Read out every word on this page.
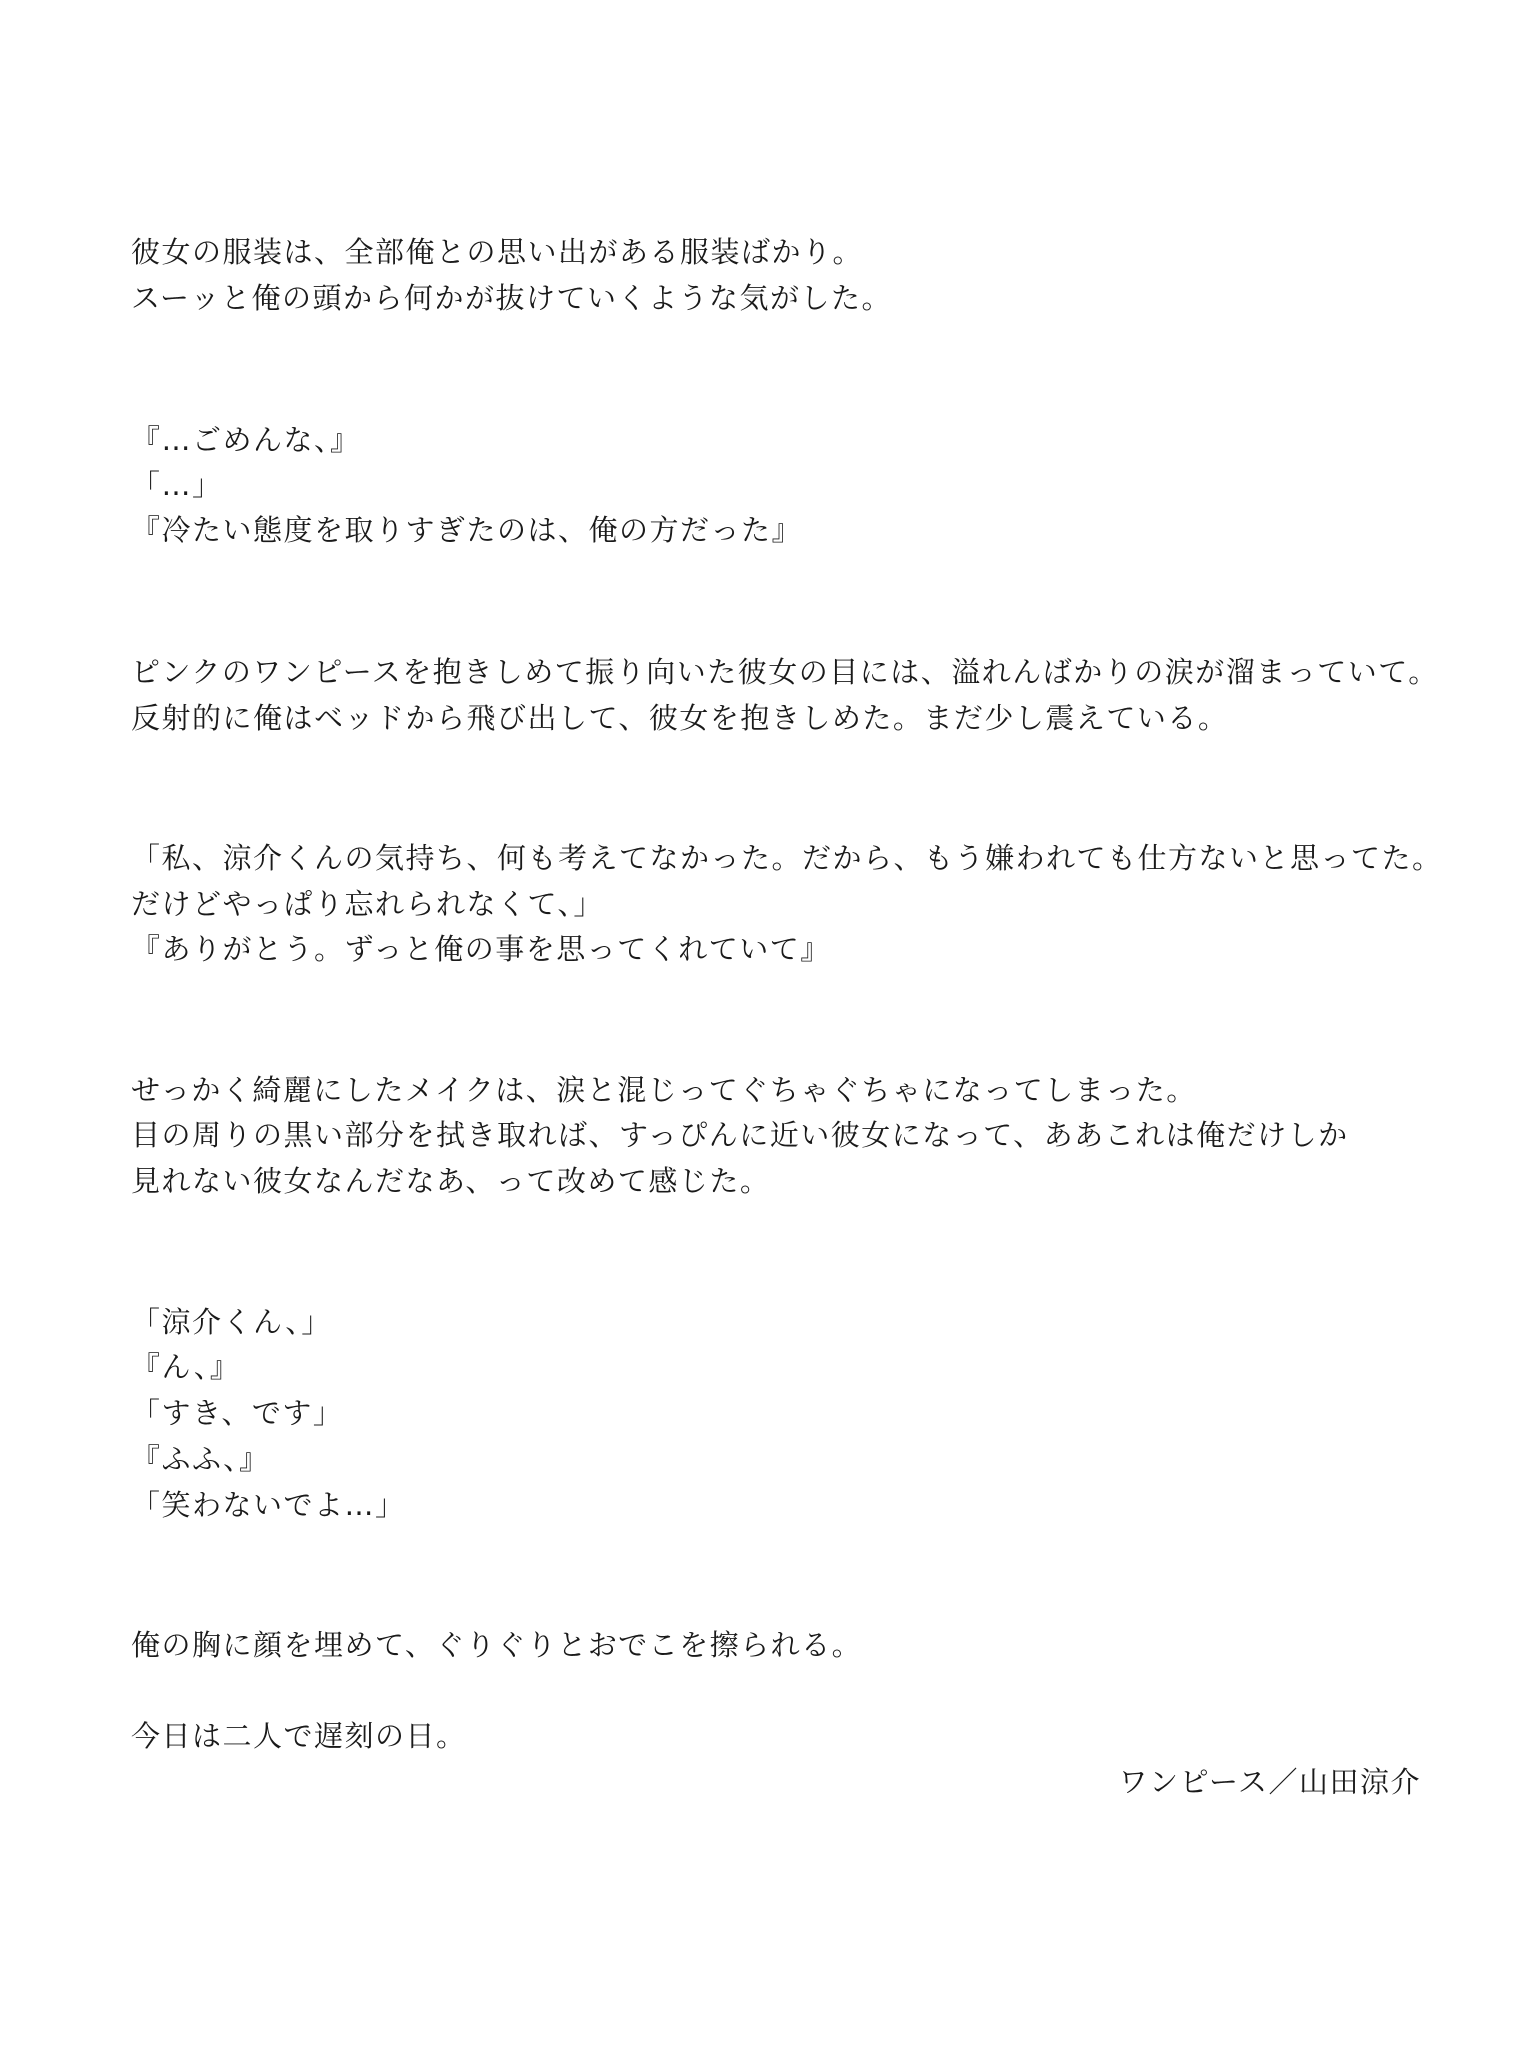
彼女の服装は、全部俺との思い出がある服装ばかり。
スーッと俺の頭から何かが抜けていくような気がした。
『…ごめんな、』
「…」
『冷たい態度を取りすぎたのは、俺の方だった』
ピンクのワンピースを抱きしめて振り向いた彼女の目には、溢れんばかりの涙が溜まっていて。
反射的に俺はベッドから飛び出して、彼女を抱きしめた。まだ少し震えている。
「私、涼介くんの気持ち、何も考えてなかった。だから、もう嫌われても仕方ないと思ってた。
だけどやっぱり忘れられなくて、」
『ありがとう。ずっと俺の事を思ってくれていて』
せっかく綺麗にしたメイクは、涙と混じってぐちゃぐちゃになってしまった。
目の周りの黒い部分を拭き取れば、すっぴんに近い彼女になって、ああこれは俺だけしか
見れない彼女なんだなあ、って改めて感じた。
「涼介くん、」
『ん、』
「すき、です」
『ふふ、』
「笑わないでよ…」
俺の胸に顔を埋めて、ぐりぐりとおでこを擦られる。
今日は二人で遅刻の日。
ワンピース／山田涼介
